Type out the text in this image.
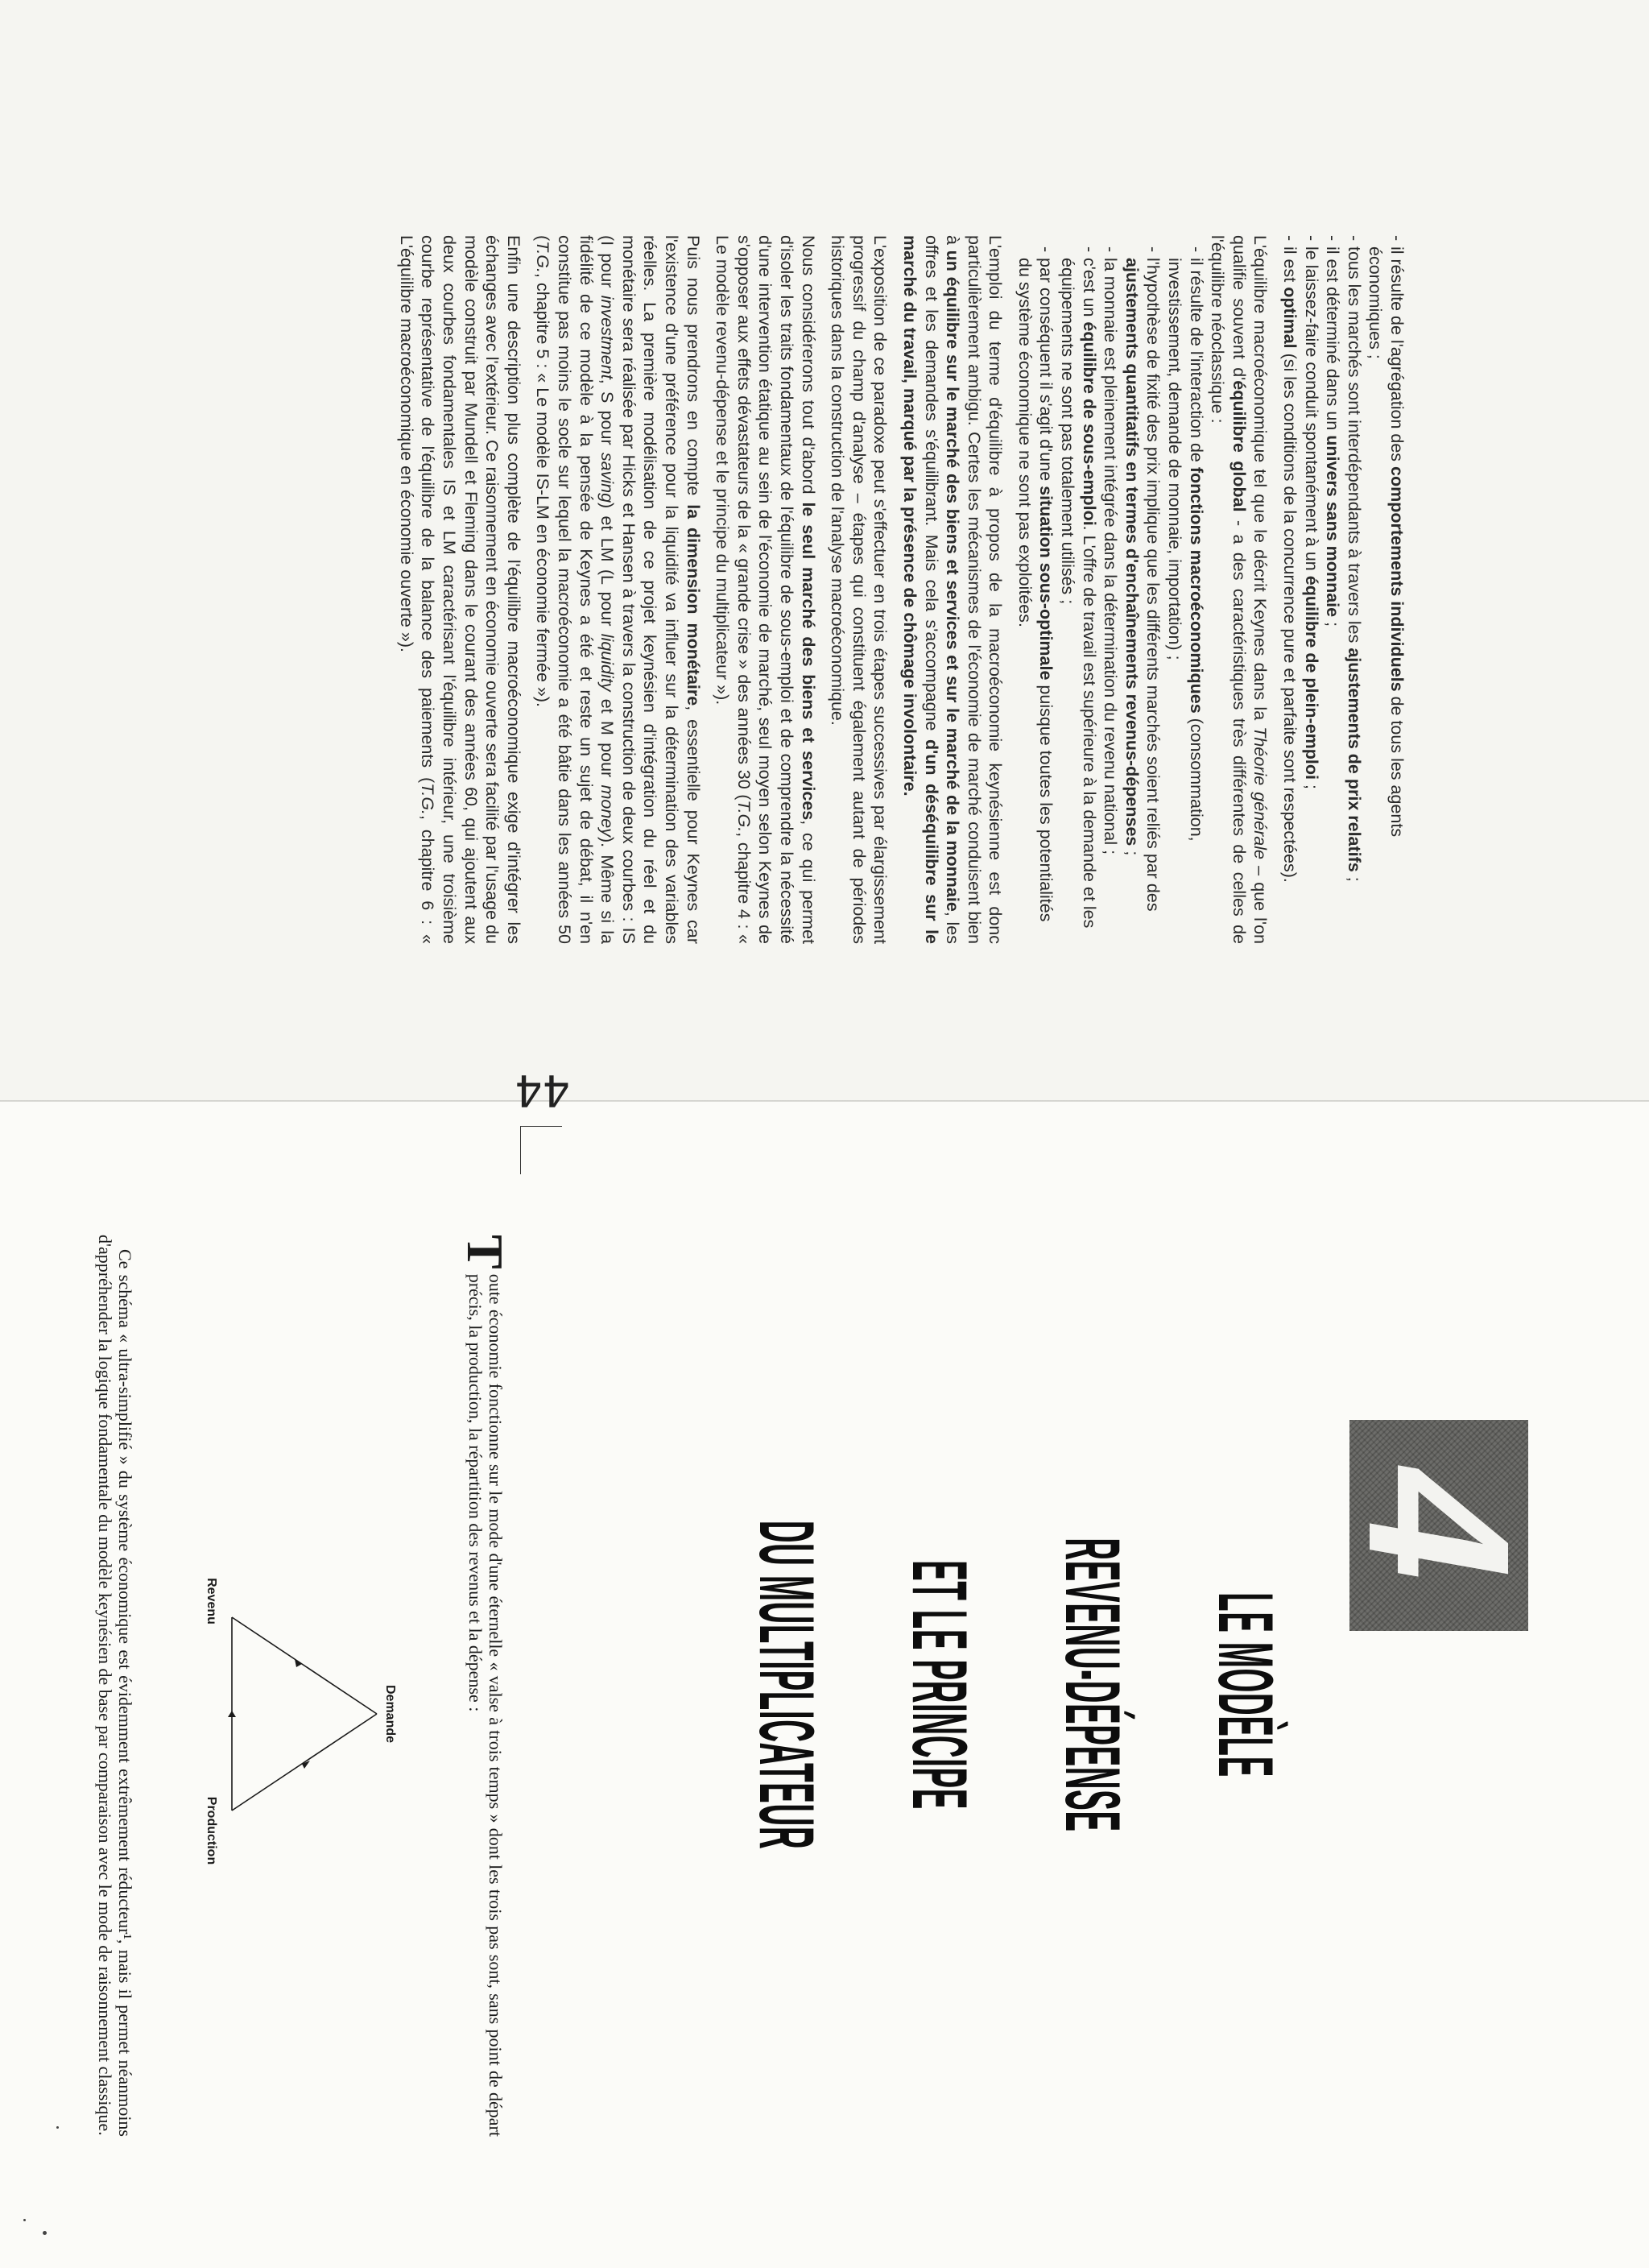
- il résulte de l'agrégation des comportements individuels de tous les agents économiques ;
- tous les marchés sont interdépendants à travers les ajustements de prix relatifs ;
- il est déterminé dans un univers sans monnaie ;
- le laissez-faire conduit spontanément à un équilibre de plein-emploi ;
- il est optimal (si les conditions de la concurrence pure et parfaite sont respectées).

L'équilibre macroéconomique tel que le décrit Keynes dans la Théorie générale – que l'on qualifie souvent d'équilibre global - a des caractéristiques très différentes de celles de l'équilibre néoclassique :

- il résulte de l'interaction de fonctions macroéconomiques (consommation, investissement, demande de monnaie, importation) ;
- l'hypothèse de fixité des prix implique que les différents marchés soient reliés par des ajustements quantitatifs en termes d'enchaînements revenus-dépenses ;
- la monnaie est pleinement intégrée dans la détermination du revenu national ;
- c'est un équilibre de sous-emploi. L'offre de travail est supérieure à la demande et les équipements ne sont pas totalement utilisés ;
- par conséquent il s'agit d'une situation sous-optimale puisque toutes les potentialités du système économique ne sont pas exploitées.

L'emploi du terme d'équilibre à propos de la macroéconomie keynésienne est donc particulièrement ambigu. Certes les mécanismes de l'économie de marché conduisent bien à un équilibre sur le marché des biens et services et sur le marché de la monnaie, les offres et les demandes s'équilibrant. Mais cela s'accompagne d'un déséquilibre sur le marché du travail, marqué par la présence de chômage involontaire.

L'exposition de ce paradoxe peut s'effectuer en trois étapes successives par élargissement progressif du champ d'analyse – étapes qui constituent également autant de périodes historiques dans la construction de l'analyse macroéconomique.

Nous considérerons tout d'abord le seul marché des biens et services, ce qui permet d'isoler les traits fondamentaux de l'équilibre de sous-emploi et de comprendre la nécessité d'une intervention étatique au sein de l'économie de marché, seul moyen selon Keynes de s'opposer aux effets dévastateurs de la « grande crise » des années 30 (T.G., chapitre 4 : « Le modèle revenu-dépense et le principe du multiplicateur »).

Puis nous prendrons en compte la dimension monétaire, essentielle pour Keynes car l'existence d'une préférence pour la liquidité va influer sur la détermination des variables réelles. La première modélisation de ce projet keynésien d'intégration du réel et du monétaire sera réalisée par Hicks et Hansen à travers la construction de deux courbes : IS (I pour investment, S pour saving) et LM (L pour liquidity et M pour money). Même si la fidélité de ce modèle à la pensée de Keynes a été et reste un sujet de débat, il n'en constitue pas moins le socle sur lequel la macroéconomie a été bâtie dans les années 50 (T.G., chapitre 5 : « Le modèle IS-LM en économie fermée »).

Enfin une description plus complète de l'équilibre macroéconomique exige d'intégrer les échanges avec l'extérieur. Ce raisonnement en économie ouverte sera facilité par l'usage du modèle construit par Mundell et Fleming dans le courant des années 60, qui ajoutent aux deux courbes fondamentales IS et LM caractérisant l'équilibre intérieur, une troisième courbe représentative de l'équilibre de la balance des paiements (T.G., chapitre 6 : « L'équilibre macroéconomique en économie ouverte »).

4
LE MODÈLE
REVENU-DÉPENSE
ET LE PRINCIPE
DU MULTIPLICATEUR
T
oute économie fonctionne sur le mode d'une éternelle « valse à trois temps » dont les trois pas sont, sans point de départ précis, la production, la répartition des revenus et la dépense :
Demande
Revenu
Production
Ce schéma « ultra-simplifié » du système économique est évidemment extrêmement réducteur¹, mais il permet néanmoins d'appréhender la logique fondamentale du modèle keynésien de base par comparaison avec le mode de raisonnement classique.
44
